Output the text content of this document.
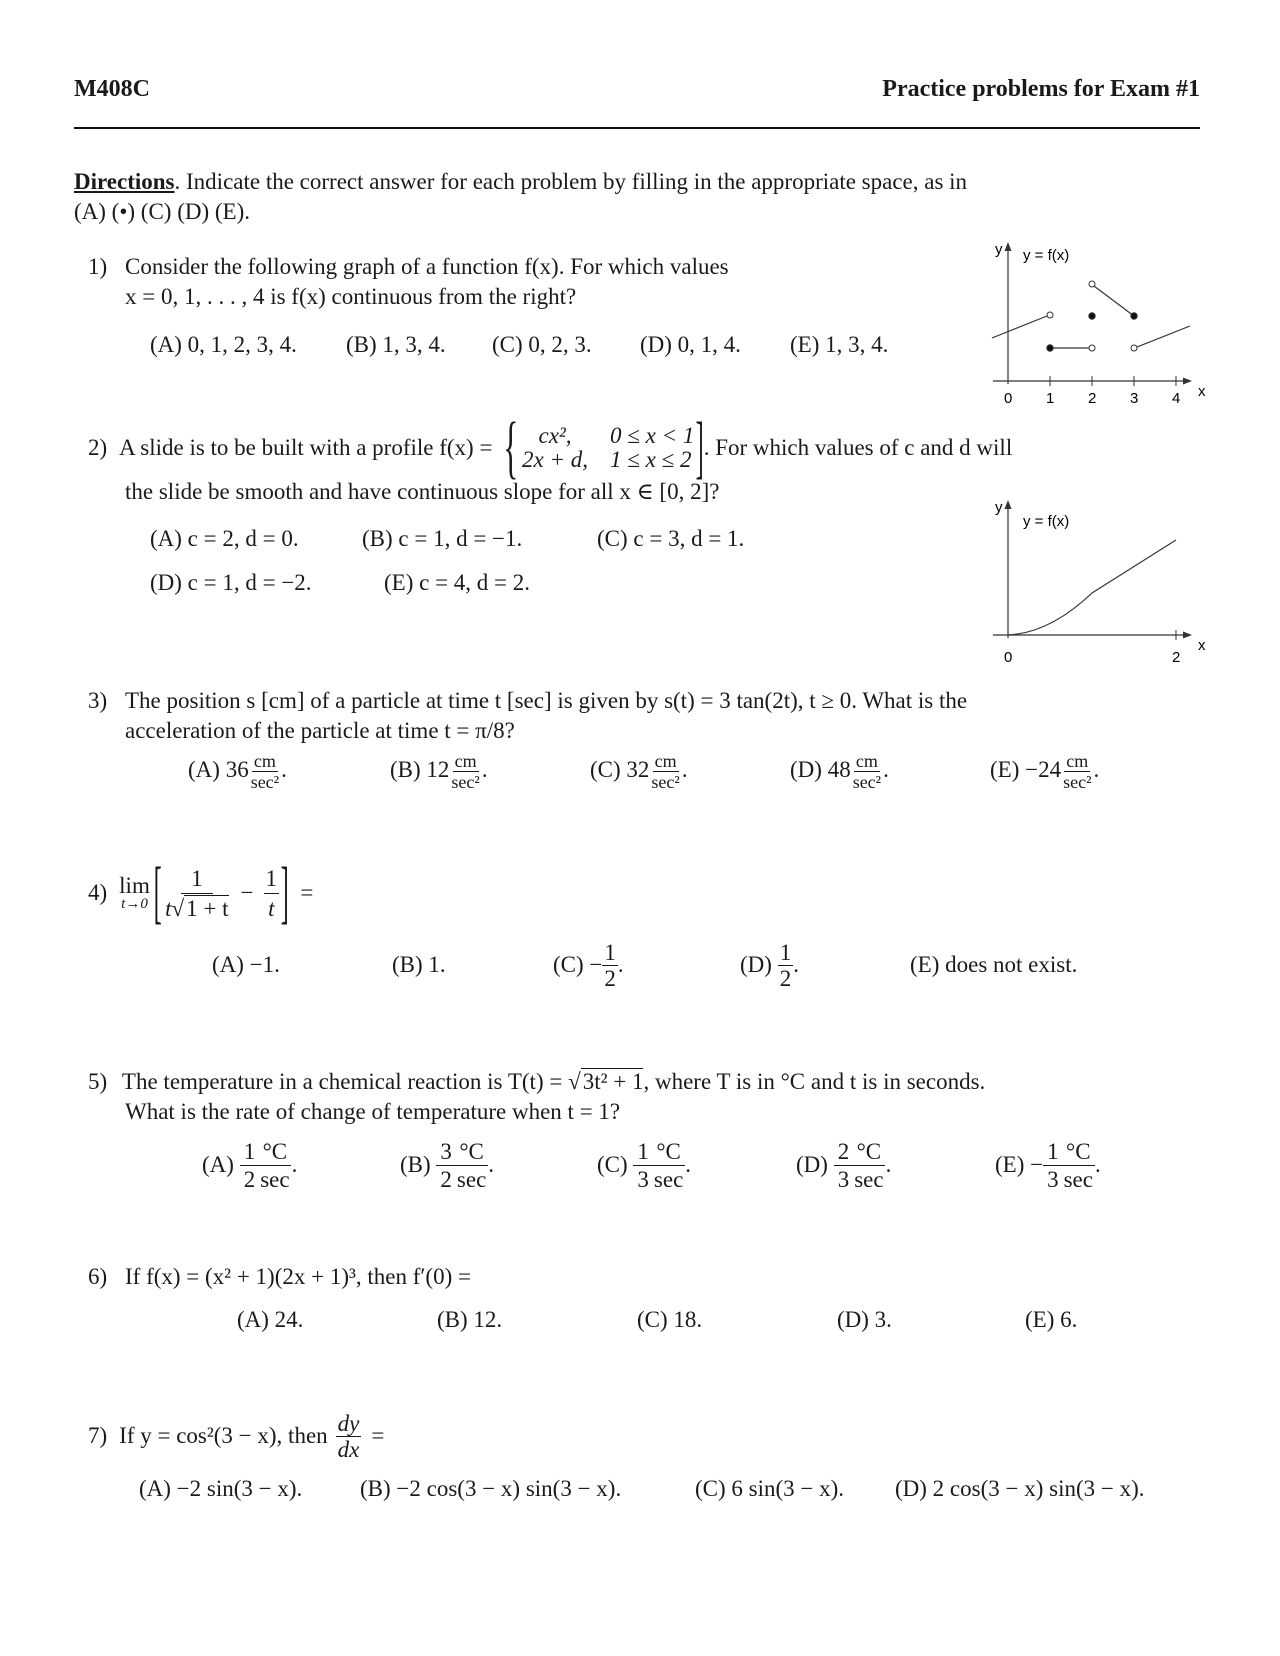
M408C	Practice problems for Exam #1
Directions. Indicate the correct answer for each problem by filling in the appropriate space, as in
(A) (•) (C) (D) (E).
1) Consider the following graph of a function f(x). For which values
x = 0, 1, . . . , 4 is f(x) continuous from the right?
(A) 0, 1, 2, 3, 4. (B) 1, 3, 4. (C) 0, 2, 3. (D) 0, 1, 4. (E) 1, 3, 4.
y y = f(x)
x
0 1 2 3 4
2) A slide is to be built with a profile f(x) = { cx²,	0 ≤ x < 1
2x + d, 1 ≤ x ≤ 2 ] . For which values of c and d will
the slide be smooth and have continuous slope for all x ∈ [0, 2]?
(A) c = 2, d = 0.	(B) c = 1, d = −1.	(C) c = 3, d = 1.
(D) c = 1, d = −2.	(E) c = 4, d = 2.
y
y = f(x)
x
0	2
3) The position s [cm] of a particle at time t [sec] is given by s(t) = 3 tan(2t), t ≥ 0. What is the
acceleration of the particle at time t = π/8?
(A) $36 \frac{cm}{\text{sec²}}$ .	(B) $12 \frac{cm}{\text{sec²}}$ .	(C) $32 \frac{cm}{\text{sec²}}$ .	(D) $48 \frac{cm}{\text{sec²}}$ .	$(E) -24 \frac{cm}{\text{sec²}}$ .
4) lim
t→0 [ $\frac{1}{t√1 + t} - \frac{1}{t}$ ] =
(A) −1.	(B) 1.	(C)
− $\frac{1}{2}$ .	(D)
$\frac{1}{2}$ .	(E) does not exist.
5) The temperature in a chemical reaction is T(t) = √3t² + 1, where T is in °C and t is in seconds.
What is the rate of change of temperature when t = 1?
(A)
$\frac{1}{2} \frac{^\circ C}{\sec}$ .	(B)
$\frac{3}{2} \frac{^\circ C}{\sec}$ .	(C)
$\frac{1}{3} \frac{^\circ C}{\sec}$ .	(D)
$\frac{2}{3} \frac{^\circ C}{\sec}$ .	(E)
− $\frac{1}{3} \frac{^\circ C}{\sec}$ .
6) If f(x) = (x² + 1)(2x + 1)³, then f′(0) =
(A) 24.	(B) 12.	(C) 18.	(D) 3.	(E) 6.
7) If y = cos²(3 − x), then $\frac{dy}{dx}$ =
(A) −2 sin(3 − x).	(B) −2 cos(3 − x) sin(3 − x).	(C) 6 sin(3 − x). (D) 2 cos(3 − x) sin(3 − x).
